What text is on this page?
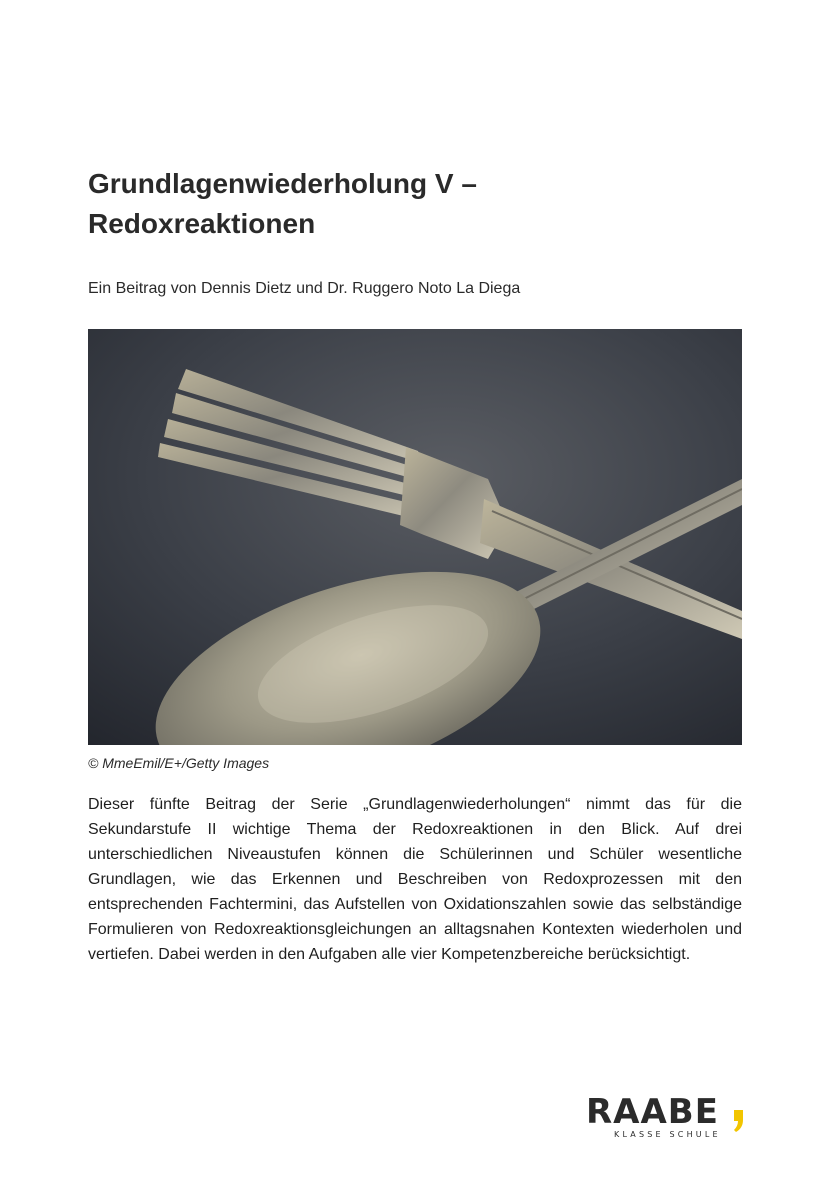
Grundlagenwiederholung V –
Redoxreaktionen
Ein Beitrag von Dennis Dietz und Dr. Ruggero Noto La Diega
© MmeEmil/E+/Getty Images

Dieser fünfte Beitrag der Serie „Grundlagenwiederholungen“ nimmt das für die Sekundarstufe II wichtige Thema der Redoxreaktionen in den Blick. Auf drei unterschiedlichen Niveaustufen können die Schülerinnen und Schüler wesentliche Grundlagen, wie das Erkennen und Beschreiben von Redoxprozessen mit den entsprechenden Fachtermini, das Aufstellen von Oxidationszahlen sowie das selbständige Formulieren von Redoxreaktionsgleichungen an alltagsnahen Kontexten wiederholen und vertiefen. Dabei werden in den Aufgaben alle vier Kompetenzbereiche berücksichtigt.

RAABE
KLASSE SCHULE
